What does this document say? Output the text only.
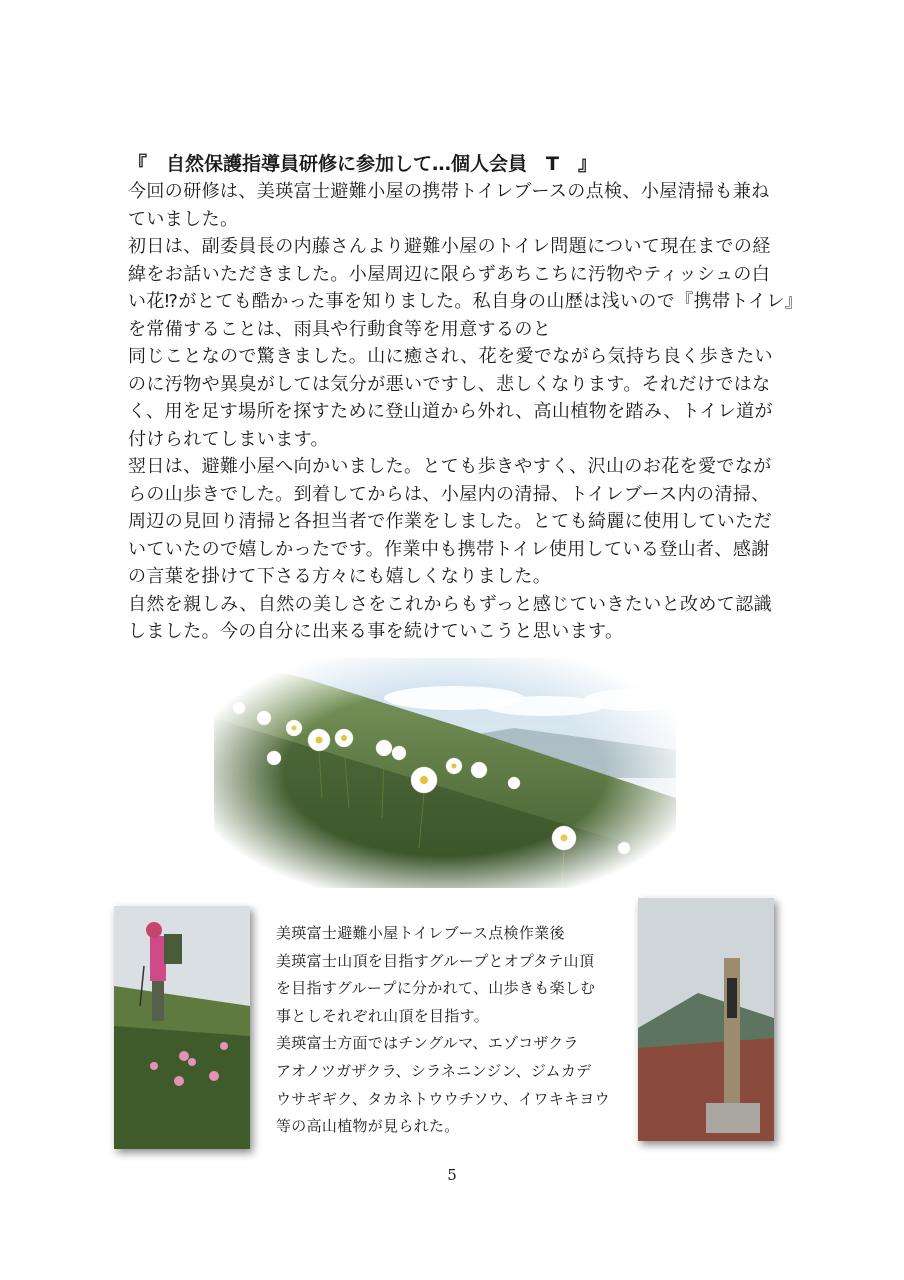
『　自然保護指導員研修に参加して…個人会員　T　』
今回の研修は、美瑛富士避難小屋の携帯トイレブースの点検、小屋清掃も兼ね
ていました。
初日は、副委員長の内藤さんより避難小屋のトイレ問題について現在までの経
緯をお話いただきました。小屋周辺に限らずあちこちに汚物やティッシュの白
い花⁉がとても酷かった事を知りました。私自身の山歴は浅いので『携帯トイレ』
を常備することは、雨具や行動食等を用意するのと
同じことなので驚きました。山に癒され、花を愛でながら気持ち良く歩きたい
のに汚物や異臭がしては気分が悪いですし、悲しくなります。それだけではな
く、用を足す場所を探すために登山道から外れ、高山植物を踏み、トイレ道が
付けられてしまいます。
翌日は、避難小屋へ向かいました。とても歩きやすく、沢山のお花を愛でなが
らの山歩きでした。到着してからは、小屋内の清掃、トイレブース内の清掃、
周辺の見回り清掃と各担当者で作業をしました。とても綺麗に使用していただ
いていたので嬉しかったです。作業中も携帯トイレ使用している登山者、感謝
の言葉を掛けて下さる方々にも嬉しくなりました。
自然を親しみ、自然の美しさをこれからもずっと感じていきたいと改めて認識
しました。今の自分に出来る事を続けていこうと思います。
美瑛富士避難小屋トイレブース点検作業後
美瑛富士山頂を目指すグループとオプタテ山頂
を目指すグループに分かれて、山歩きも楽しむ
事としそれぞれ山頂を目指す。
美瑛富士方面ではチングルマ、エゾコザクラ
アオノツガザクラ、シラネニンジン、ジムカデ
ウサギギク、タカネトウウチソウ、イワキキヨウ
等の高山植物が見られた。
5
